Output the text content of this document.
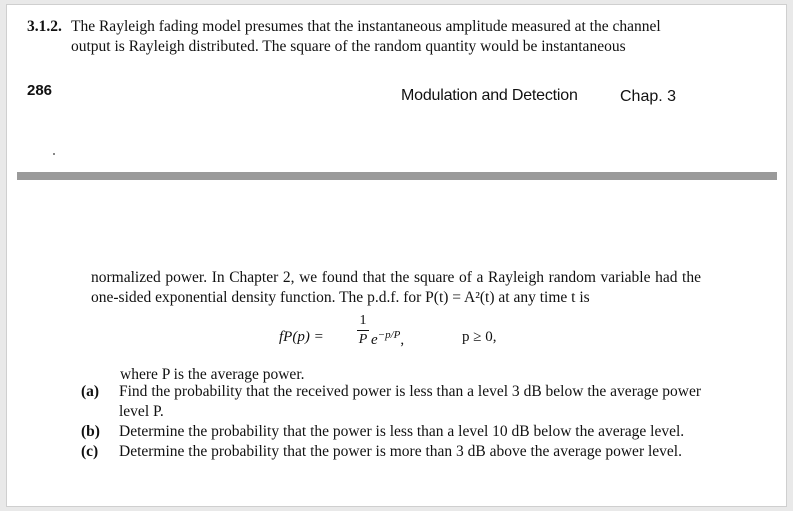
3.1.2. The Rayleigh fading model presumes that the instantaneous amplitude measured at the channel output is Rayleigh distributed. The square of the random quantity would be instantaneous
286	Modulation and Detection	Chap. 3
normalized power. In Chapter 2, we found that the square of a Rayleigh random variable had the one-sided exponential density function. The p.d.f. for P(t) = A²(t) at any time t is
fP(p) =
1
P $e^{-p/P}$,	p ≥ 0,
where P is the average power.
(a) Find the probability that the received power is less than a level 3 dB below the average power level P.
(b) Determine the probability that the power is less than a level 10 dB below the average level.
(c) Determine the probability that the power is more than 3 dB above the average power level.
